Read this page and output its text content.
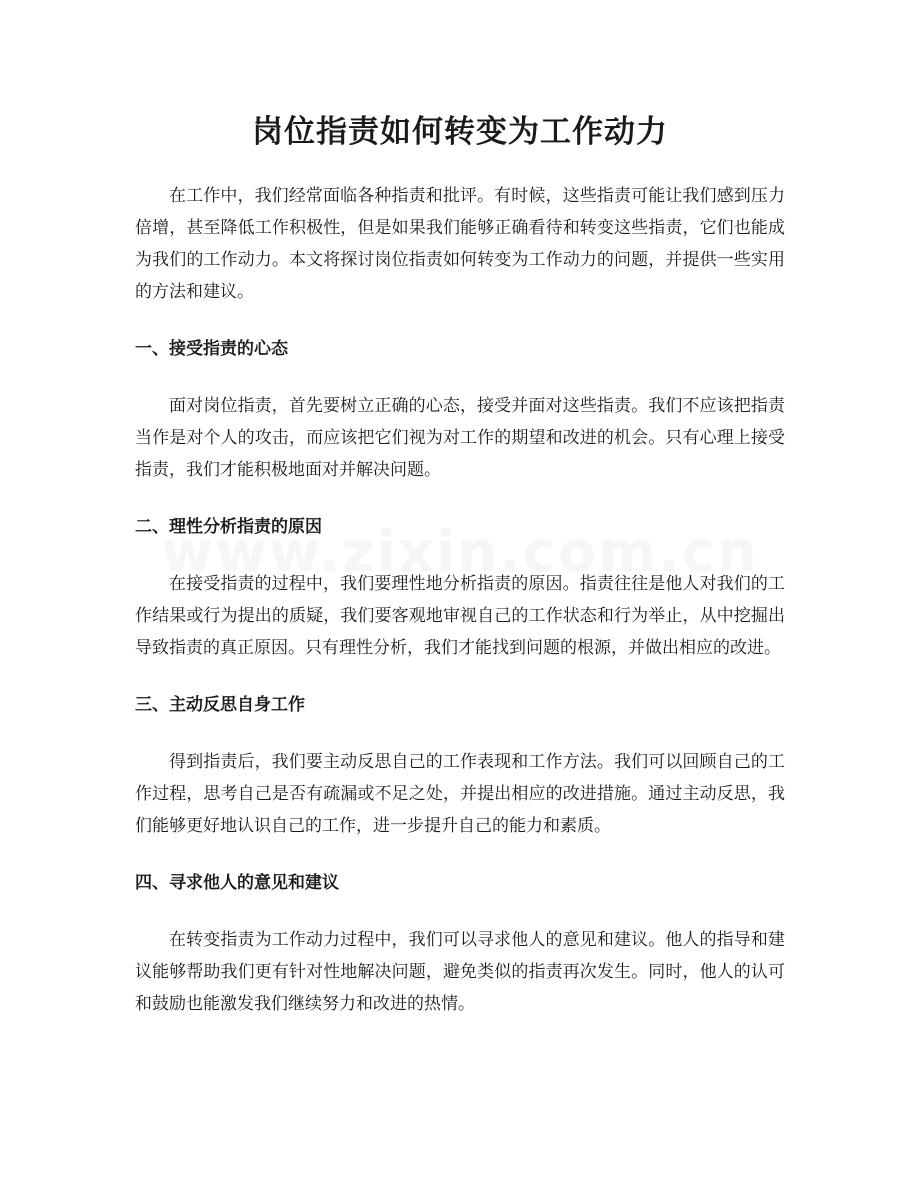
岗位指责如何转变为工作动力

在工作中，我们经常面临各种指责和批评。有时候，这些指责可能让我们感到压力倍增，甚至降低工作积极性，但是如果我们能够正确看待和转变这些指责，它们也能成为我们的工作动力。本文将探讨岗位指责如何转变为工作动力的问题，并提供一些实用的方法和建议。

一、接受指责的心态

面对岗位指责，首先要树立正确的心态，接受并面对这些指责。我们不应该把指责当作是对个人的攻击，而应该把它们视为对工作的期望和改进的机会。只有心理上接受指责，我们才能积极地面对并解决问题。

二、理性分析指责的原因

在接受指责的过程中，我们要理性地分析指责的原因。指责往往是他人对我们的工作结果或行为提出的质疑，我们要客观地审视自己的工作状态和行为举止，从中挖掘出导致指责的真正原因。只有理性分析，我们才能找到问题的根源，并做出相应的改进。

三、主动反思自身工作

得到指责后，我们要主动反思自己的工作表现和工作方法。我们可以回顾自己的工作过程，思考自己是否有疏漏或不足之处，并提出相应的改进措施。通过主动反思，我们能够更好地认识自己的工作，进一步提升自己的能力和素质。

四、寻求他人的意见和建议

在转变指责为工作动力过程中，我们可以寻求他人的意见和建议。他人的指导和建议能够帮助我们更有针对性地解决问题，避免类似的指责再次发生。同时，他人的认可和鼓励也能激发我们继续努力和改进的热情。
